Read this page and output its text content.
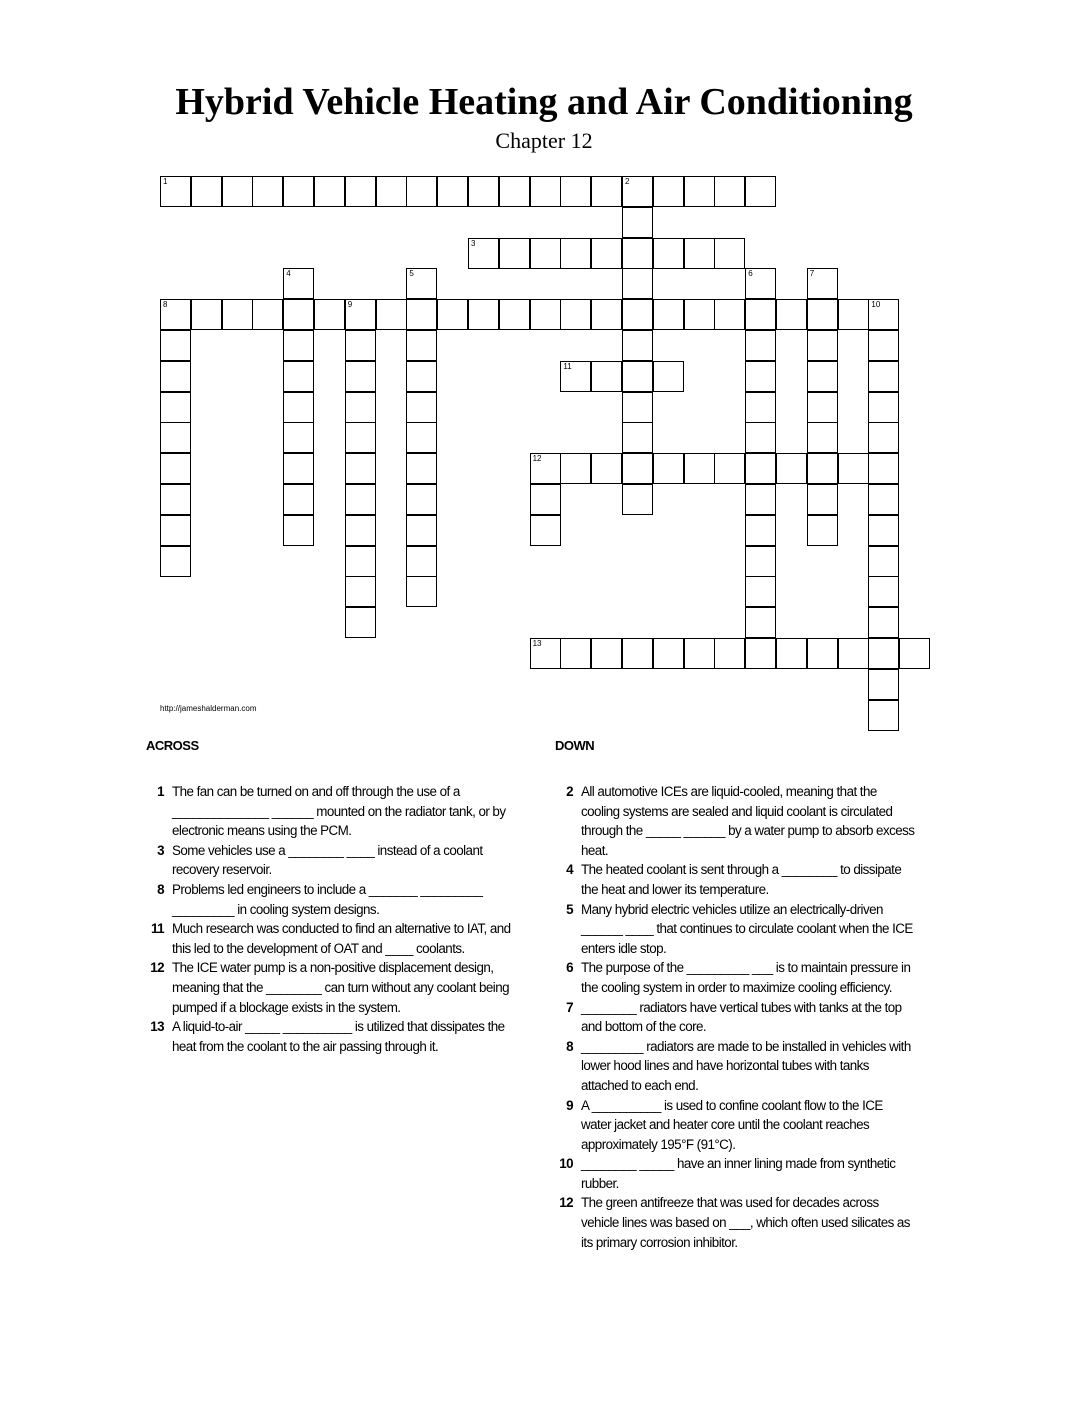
Hybrid Vehicle Heating and Air Conditioning
Chapter 12
1	2
3
4	5	6	7
8	9	10
11
12
13
http://jameshalderman.com
ACROSS
1 The fan can be turned on and off through the use of a ______________ ______ mounted on the radiator tank, or by electronic means using the PCM.
3 Some vehicles use a ________ ____ instead of a coolant recovery reservoir.
8 Problems led engineers to include a _______ _________ _________ in cooling system designs.
11 Much research was conducted to find an alternative to IAT, and this led to the development of OAT and ____ coolants.
12 The ICE water pump is a non-positive displacement design, meaning that the ________ can turn without any coolant being pumped if a blockage exists in the system.
13 A liquid-to-air _____ __________ is utilized that dissipates the heat from the coolant to the air passing through it.
DOWN
2 All automotive ICEs are liquid-cooled, meaning that the cooling systems are sealed and liquid coolant is circulated through the _____ ______ by a water pump to absorb excess heat.
4 The heated coolant is sent through a ________ to dissipate the heat and lower its temperature.
5 Many hybrid electric vehicles utilize an electrically-driven ______ ____ that continues to circulate coolant when the ICE enters idle stop.
6 The purpose of the _________ ___ is to maintain pressure in the cooling system in order to maximize cooling efficiency.
7 ________ radiators have vertical tubes with tanks at the top and bottom of the core.
8 _________ radiators are made to be installed in vehicles with lower hood lines and have horizontal tubes with tanks attached to each end.
9 A __________ is used to confine coolant flow to the ICE water jacket and heater core until the coolant reaches approximately 195°F (91°C).
10 ________ _____ have an inner lining made from synthetic rubber.
12 The green antifreeze that was used for decades across vehicle lines was based on ___, which often used silicates as its primary corrosion inhibitor.
